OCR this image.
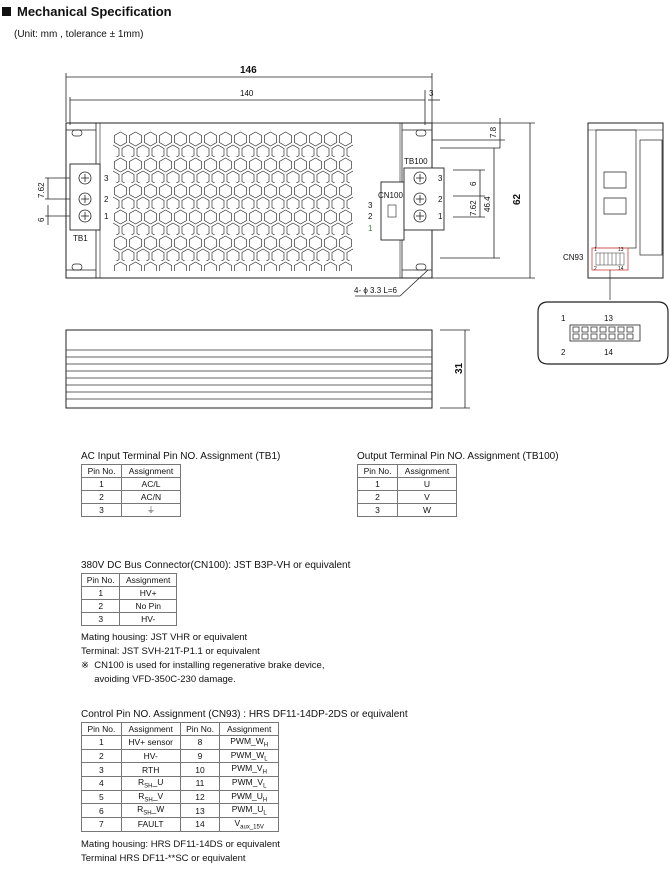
Mechanical Specification
(Unit: mm , tolerance ± 1mm)
146
140	3
62
7.8
46.4
6
7.62
7.62
6
31
4- ϕ 3.3 L=6
3
2
1
TB1
CN100
3
2
1
3
2
1
TB100
1	13
2	14
CN93
1	13
2	14
AC Input Terminal Pin NO. Assignment (TB1)
Pin No.	Assignment
1	AC/L
2	AC/N
3	⏚
Output Terminal Pin NO. Assignment (TB100)
Pin No.	Assignment
1	U
2	V
3	W
380V DC Bus Connector(CN100): JST B3P-VH or equivalent
Pin No.	Assignment
1	HV+
2	No Pin
3	HV-
Mating housing: JST VHR or equivalent
Terminal: JST SVH-21T-P1.1 or equivalent
※  CN100 is used for installing regenerative brake device,
avoiding VFD-350C-230 damage.
Control Pin NO. Assignment (CN93) : HRS DF11-14DP-2DS or equivalent
Pin No.	Assignment	Pin No.	Assignment
1	HV+ sensor	8	$PWM\_W_H$
2	HV-	9	$PWM\_W_L$
3	RTH	10	$PWM\_V_H$
4	$R_{SH}\_U$	11	$PWM\_V_L$
5	$R_{SH}\_V$	12	$PWM\_U_H$
6	$R_{SH}\_W$	13	$PWM\_U_L$
7	FAULT	14	$V_{aux\_15V}$
Mating housing: HRS DF11-14DS or equivalent
Terminal HRS DF11-**SC or equivalent
